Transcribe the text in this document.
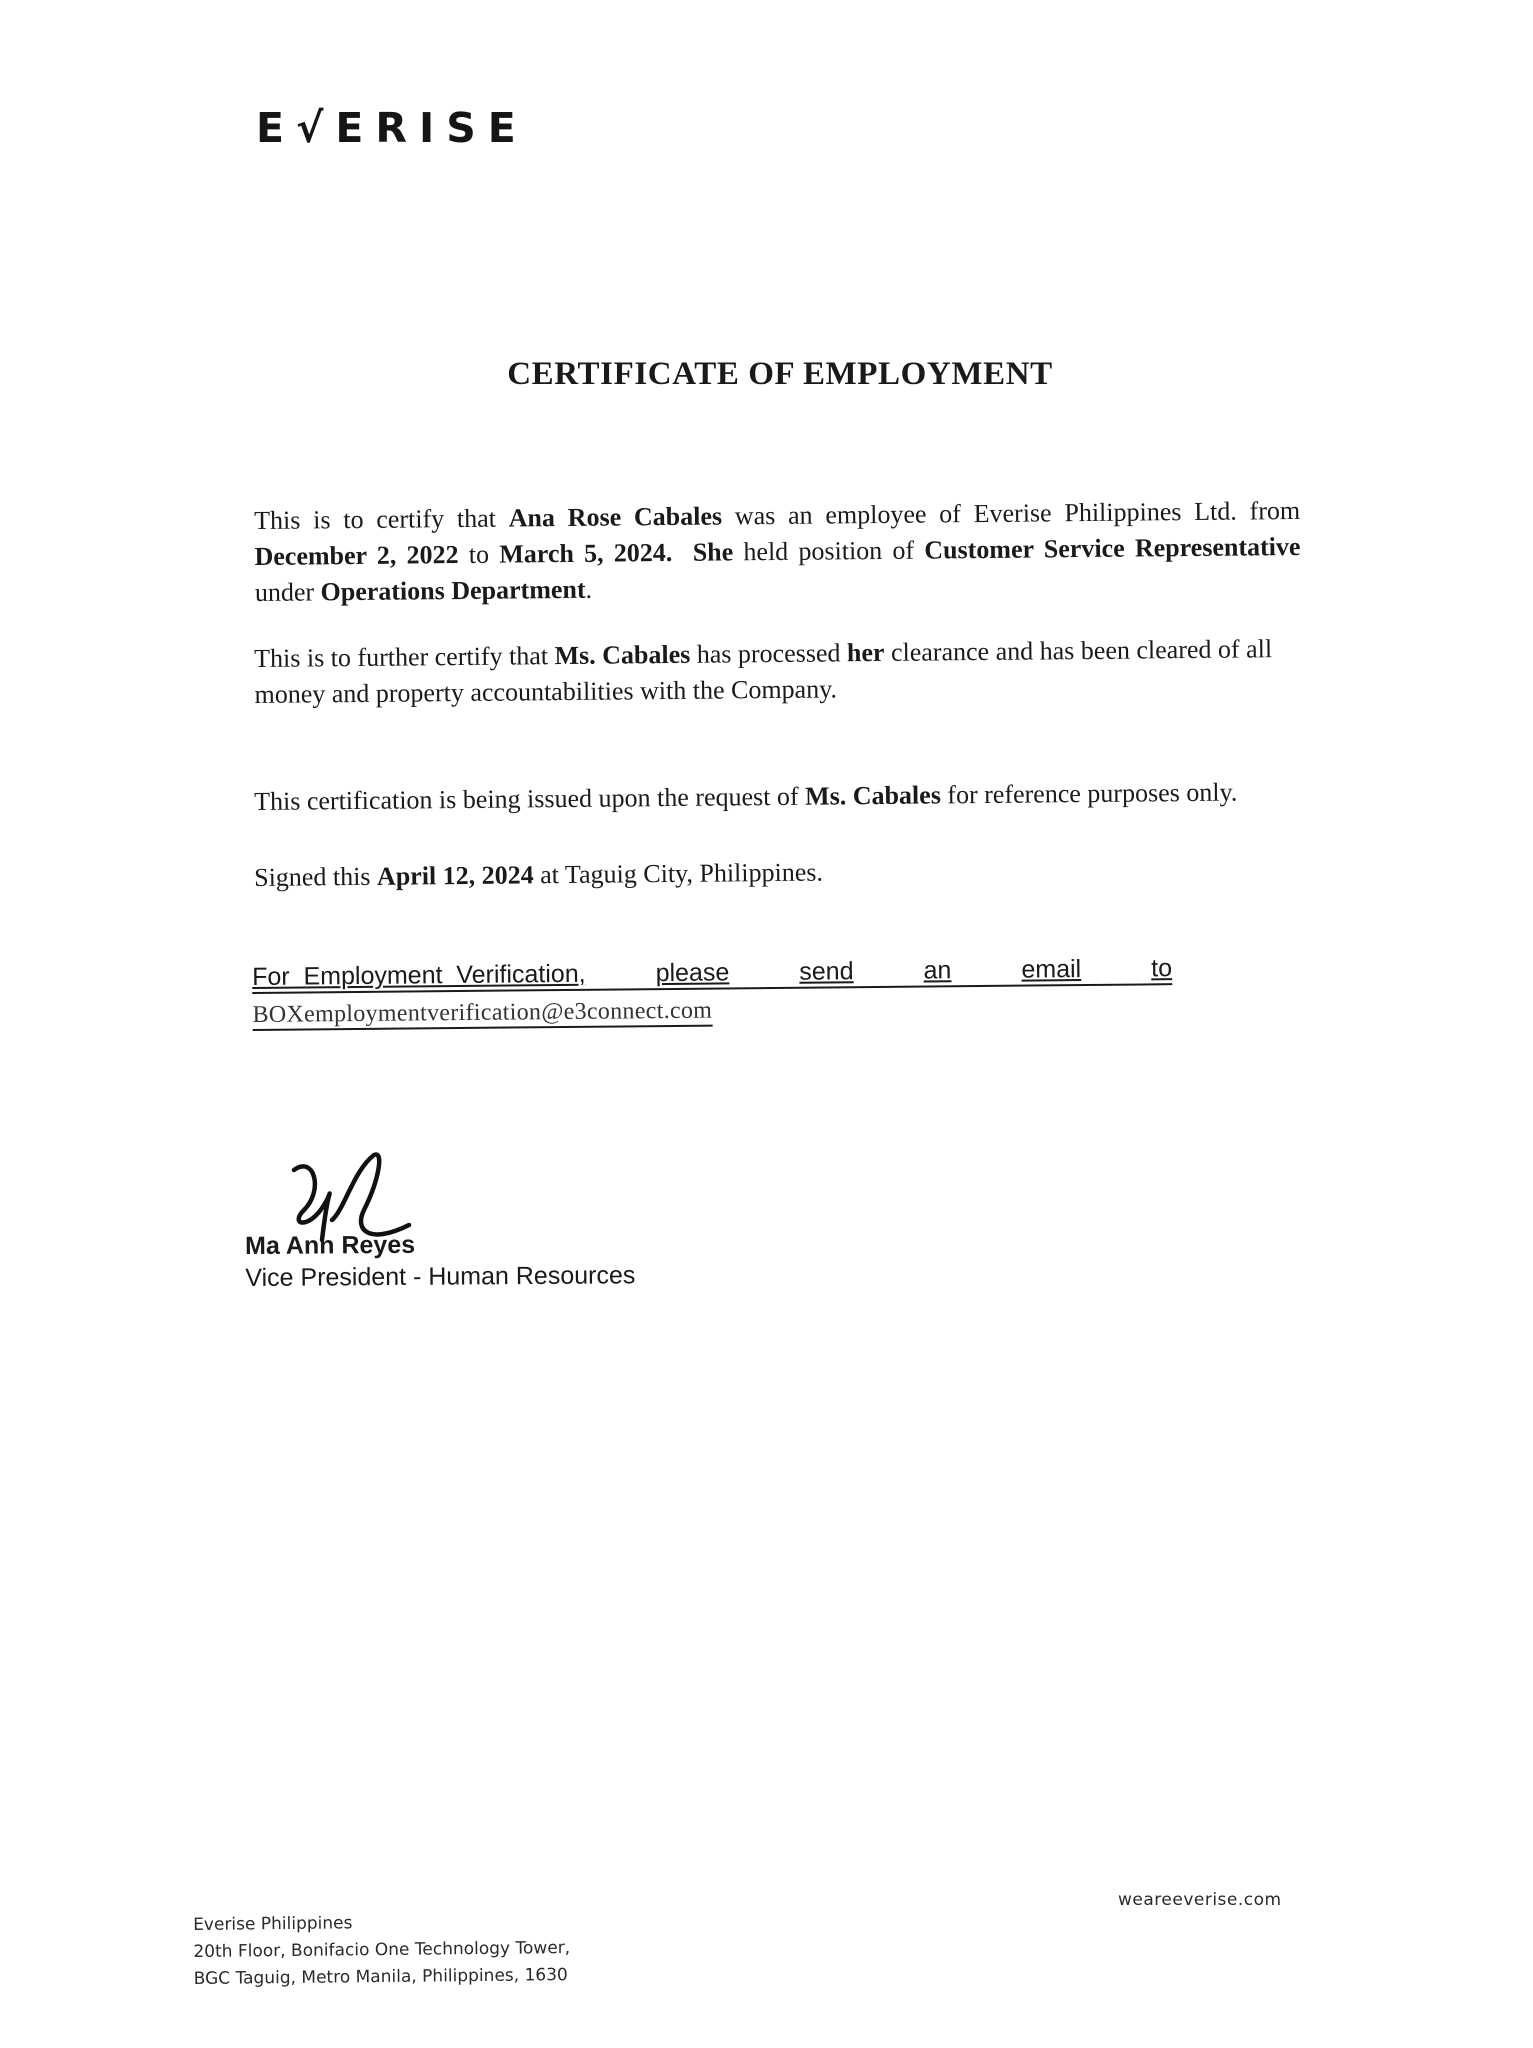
E√ERISE
CERTIFICATE OF EMPLOYMENT
This is to certify that Ana Rose Cabales was an employee of Everise Philippines Ltd. from December 2, 2022 to March 5, 2024. She held position of Customer Service Representative under Operations Department.
This is to further certify that Ms. Cabales has processed her clearance and has been cleared of all money and property accountabilities with the Company.
This certification is being issued upon the request of Ms. Cabales for reference purposes only.
Signed this April 12, 2024 at Taguig City, Philippines.
For  Employment  Verification,	please	send	an	email	to
BOXemploymentverification@e3connect.com
Ma Ann Reyes
Vice President - Human Resources
Everise Philippines
20th Floor, Bonifacio One Technology Tower,
BGC Taguig, Metro Manila, Philippines, 1630
weareeverise.com
